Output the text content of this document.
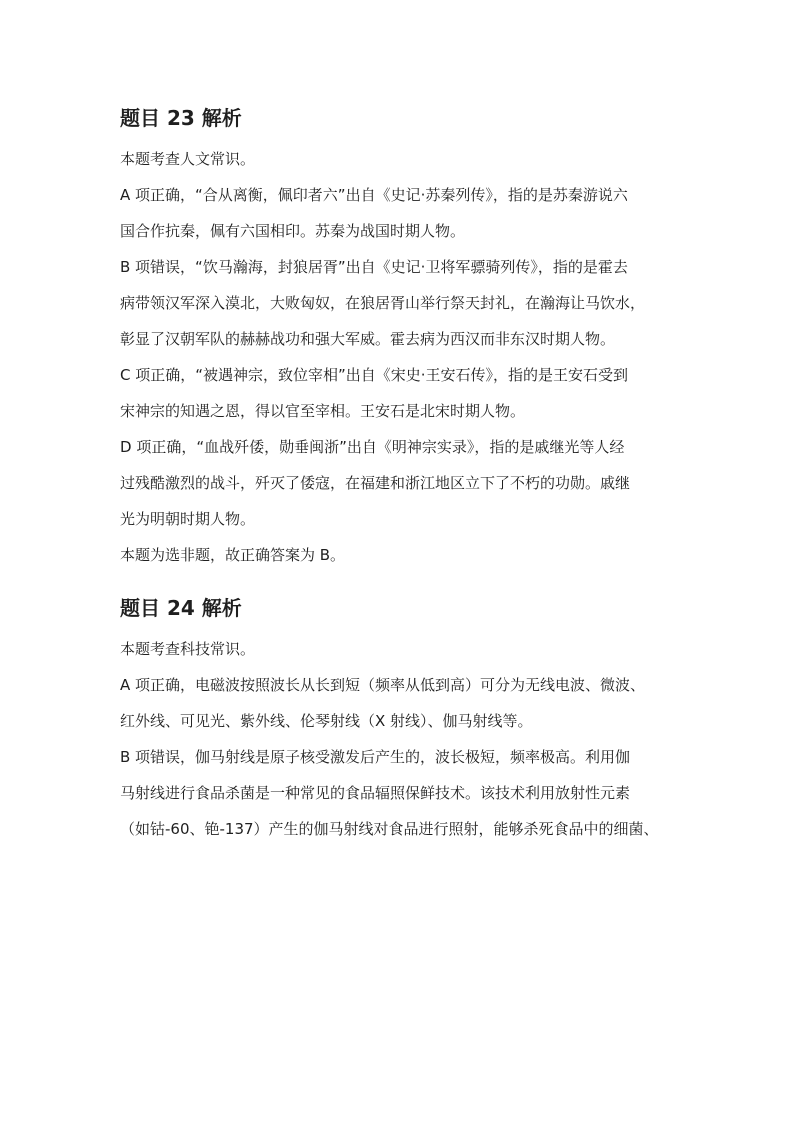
题目 23 解析

本题考查人文常识。

A 项正确，“合从离衡，佩印者六”出自《史记·苏秦列传》，指的是苏秦游说六

国合作抗秦，佩有六国相印。苏秦为战国时期人物。

B 项错误，“饮马瀚海，封狼居胥”出自《史记·卫将军骠骑列传》，指的是霍去

病带领汉军深入漠北，大败匈奴，在狼居胥山举行祭天封礼，在瀚海让马饮水，

彰显了汉朝军队的赫赫战功和强大军威。霍去病为西汉而非东汉时期人物。

C 项正确，“被遇神宗，致位宰相”出自《宋史·王安石传》，指的是王安石受到

宋神宗的知遇之恩，得以官至宰相。王安石是北宋时期人物。

D 项正确，“血战歼倭，勋垂闽浙”出自《明神宗实录》，指的是戚继光等人经

过残酷激烈的战斗，歼灭了倭寇，在福建和浙江地区立下了不朽的功勋。戚继

光为明朝时期人物。

本题为选非题，故正确答案为 B。

题目 24 解析

本题考查科技常识。

A 项正确，电磁波按照波长从长到短（频率从低到高）可分为无线电波、微波、

红外线、可见光、紫外线、伦琴射线（X 射线）、伽马射线等。

B 项错误，伽马射线是原子核受激发后产生的，波长极短，频率极高。利用伽

马射线进行食品杀菌是一种常见的食品辐照保鲜技术。该技术利用放射性元素

（如钴-60、铯-137）产生的伽马射线对食品进行照射，能够杀死食品中的细菌、
